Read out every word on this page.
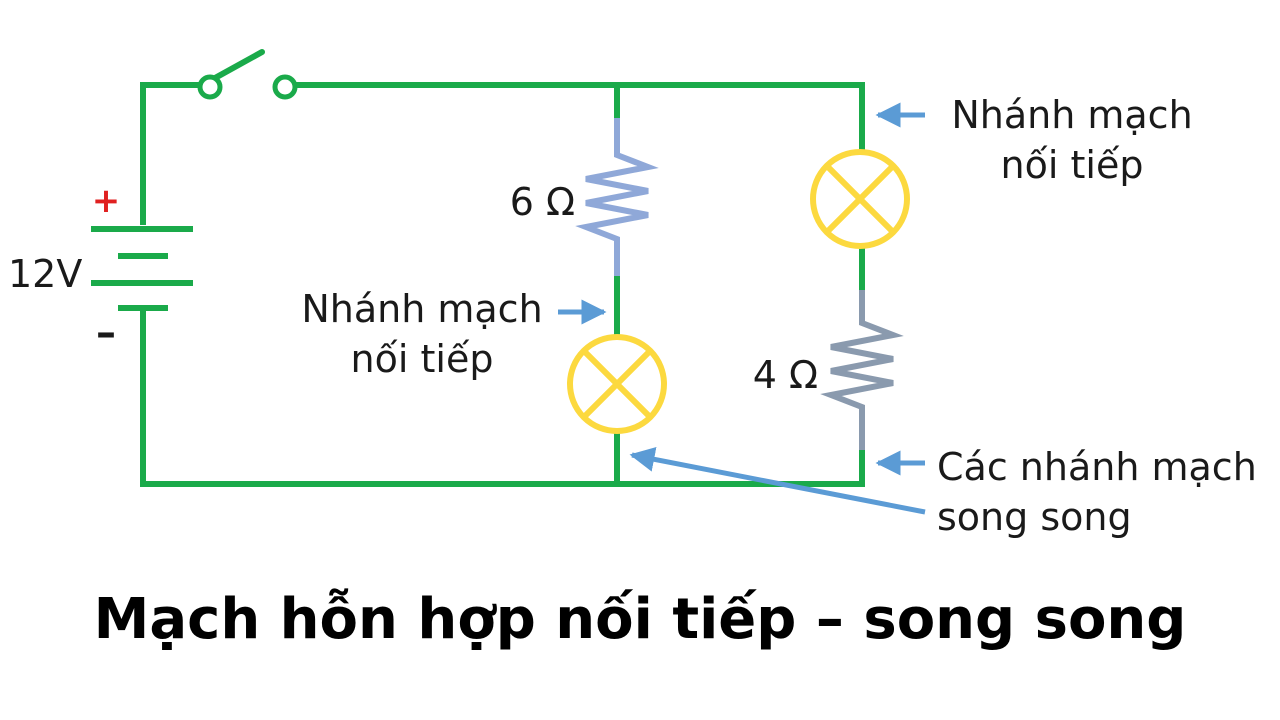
+
–
12V
6 Ω
4 Ω
Nhánh mạch
nối tiếp
Nhánh mạch
nối tiếp
Các nhánh mạch
song song
Mạch hỗn hợp nối tiếp – song song
